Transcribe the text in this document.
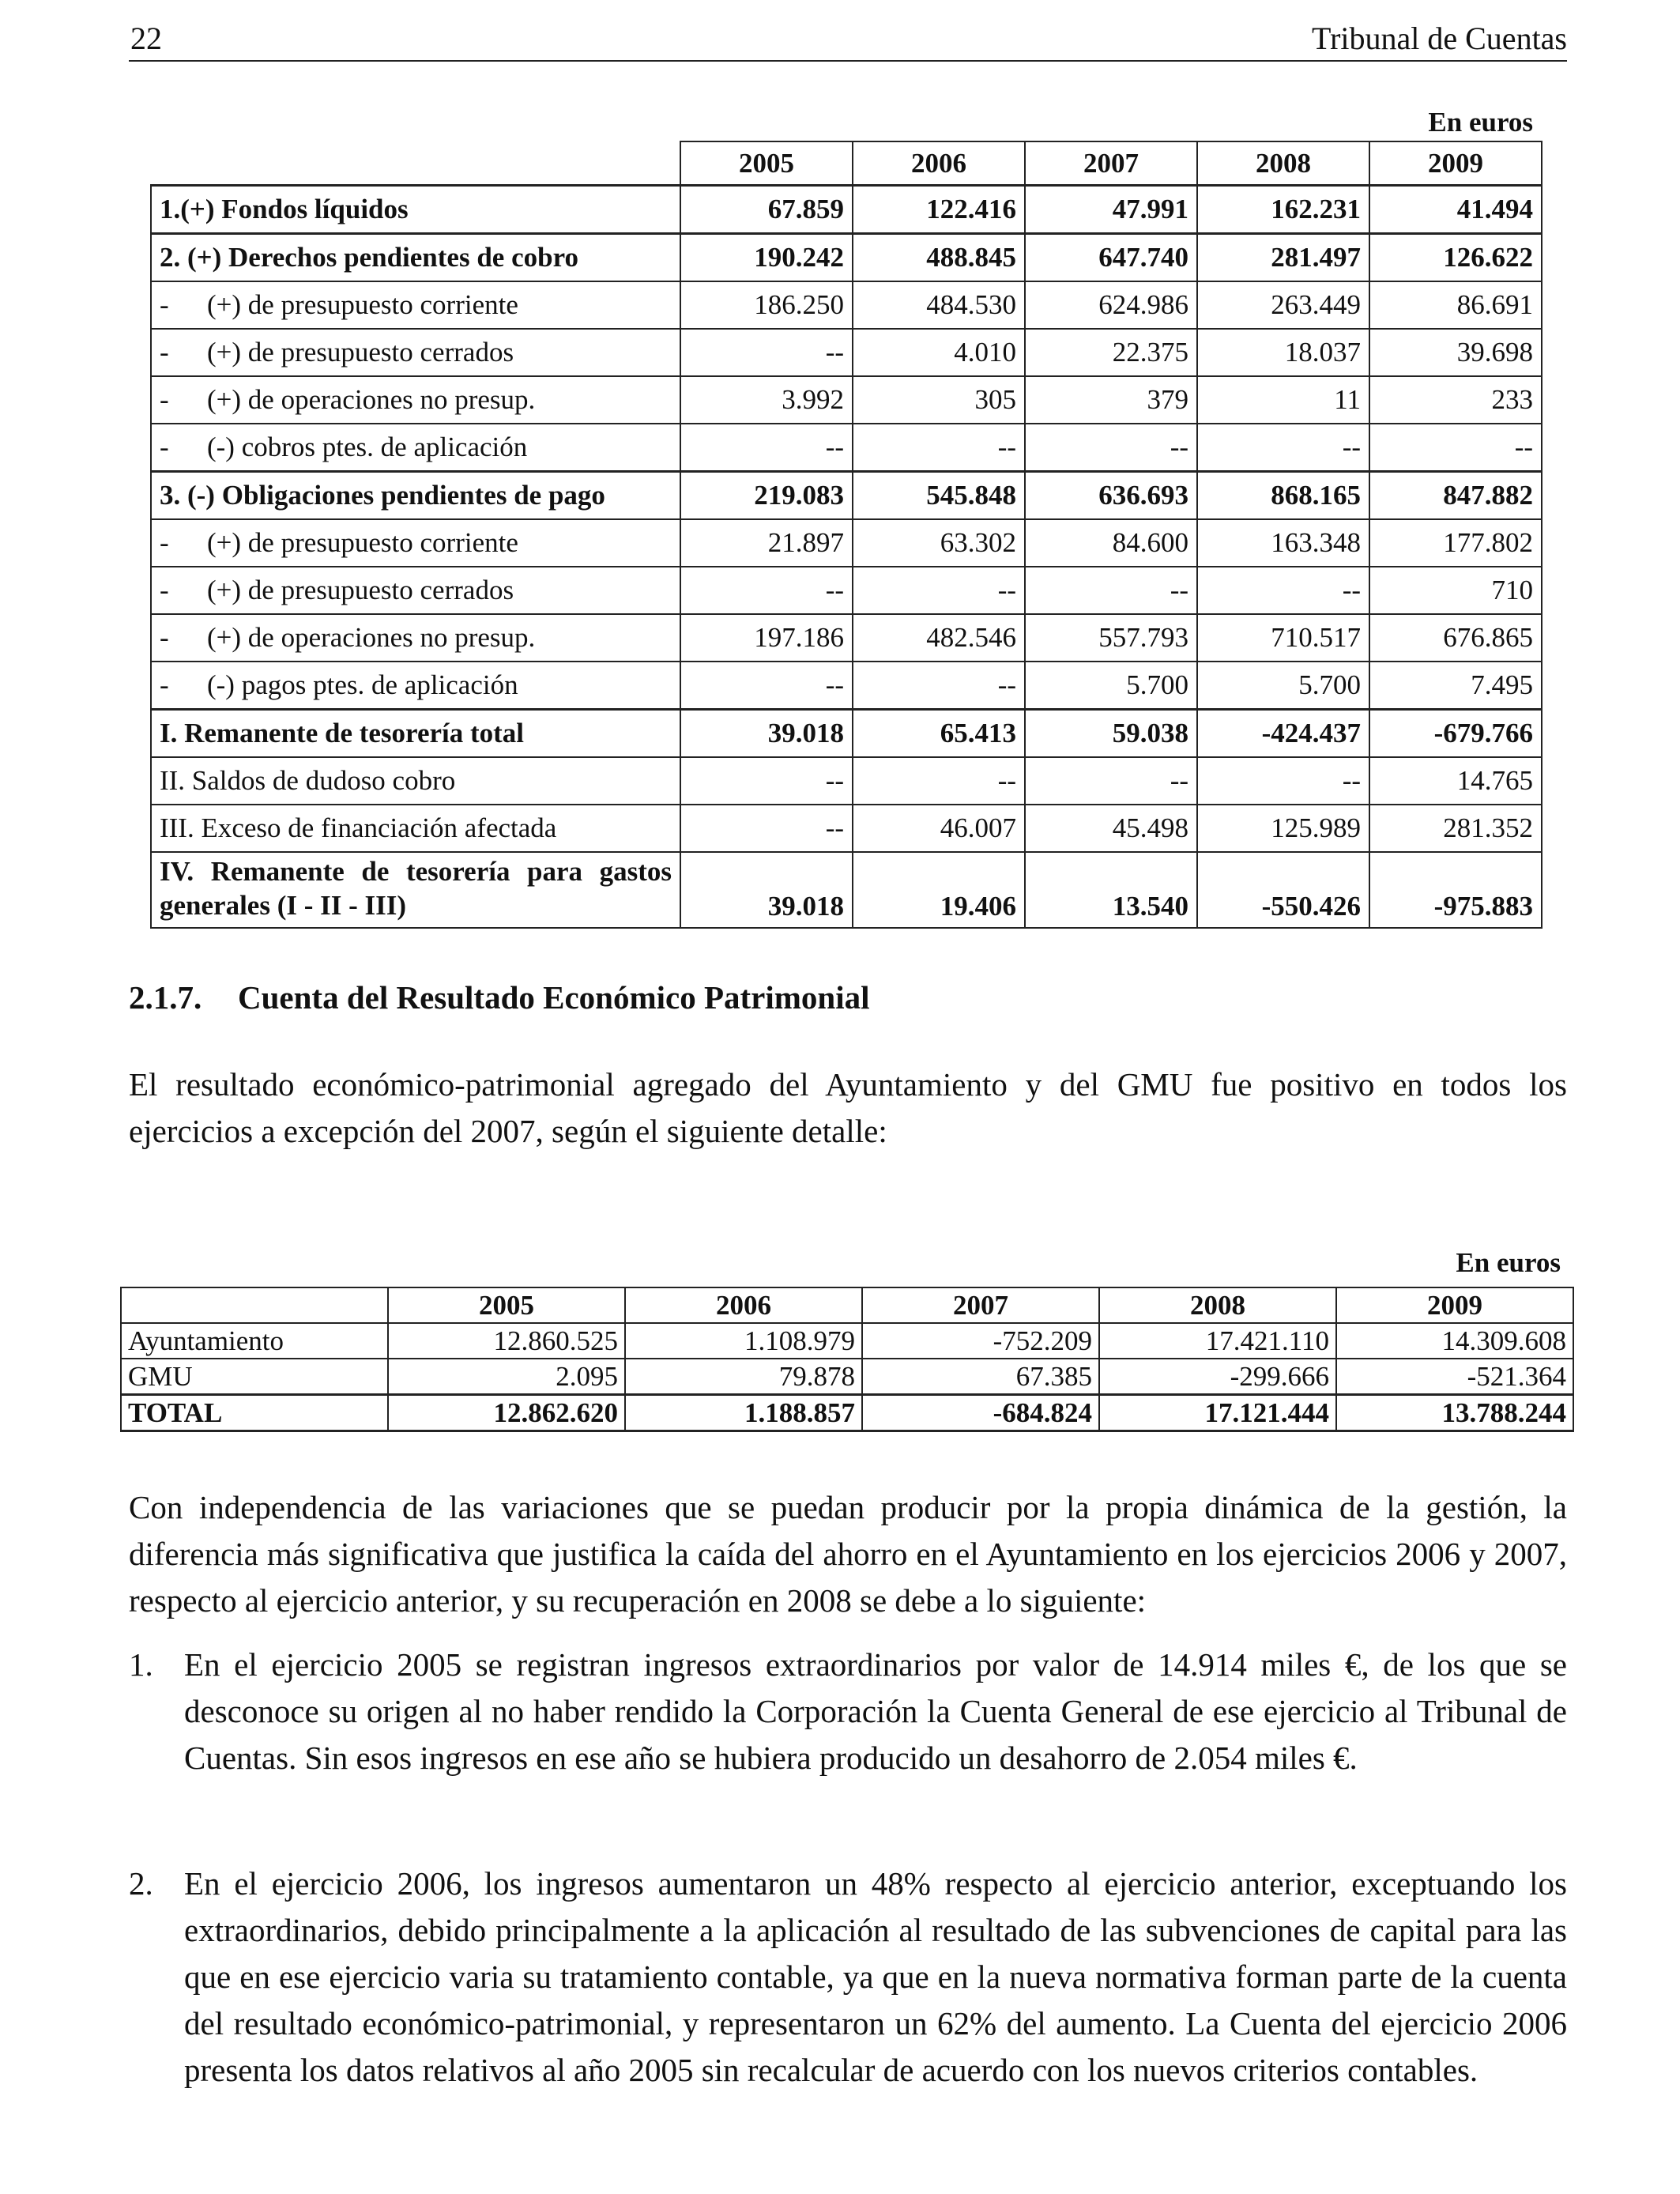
22	Tribunal de Cuentas
En euros
	2005	2006	2007	2008	2009
1.(+) Fondos líquidos	67.859	122.416	47.991	162.231	41.494
2. (+) Derechos pendientes de cobro	190.242	488.845	647.740	281.497	126.622
- (+) de presupuesto corriente	186.250	484.530	624.986	263.449	86.691
- (+) de presupuesto cerrados	--	4.010	22.375	18.037	39.698
- (+) de operaciones no presup.	3.992	305	379	11	233
- (-) cobros ptes. de aplicación	--	--	--	--	--
3. (-) Obligaciones pendientes de pago	219.083	545.848	636.693	868.165	847.882
- (+) de presupuesto corriente	21.897	63.302	84.600	163.348	177.802
- (+) de presupuesto cerrados	--	--	--	--	710
- (+) de operaciones no presup.	197.186	482.546	557.793	710.517	676.865
- (-) pagos ptes. de aplicación	--	--	5.700	5.700	7.495
I. Remanente de tesorería total	39.018	65.413	59.038	-424.437	-679.766
II. Saldos de dudoso cobro	--	--	--	--	14.765
III. Exceso de financiación afectada	--	46.007	45.498	125.989	281.352
IV. Remanente de tesorería para gastos generales (I - II - III)	39.018	19.406	13.540	-550.426	-975.883
2.1.7. Cuenta del Resultado Económico Patrimonial
El resultado económico-patrimonial agregado del Ayuntamiento y del GMU fue positivo en todos los ejercicios a excepción del 2007, según el siguiente detalle:
En euros
	2005	2006	2007	2008	2009
Ayuntamiento	12.860.525	1.108.979	-752.209	17.421.110	14.309.608
GMU	2.095	79.878	67.385	-299.666	-521.364
TOTAL	12.862.620	1.188.857	-684.824	17.121.444	13.788.244
Con independencia de las variaciones que se puedan producir por la propia dinámica de la gestión, la diferencia más significativa que justifica la caída del ahorro en el Ayuntamiento en los ejercicios 2006 y 2007, respecto al ejercicio anterior, y su recuperación en 2008 se debe a lo siguiente:
1. En el ejercicio 2005 se registran ingresos extraordinarios por valor de 14.914 miles €, de los que se desconoce su origen al no haber rendido la Corporación la Cuenta General de ese ejercicio al Tribunal de Cuentas. Sin esos ingresos en ese año se hubiera producido un desahorro de 2.054 miles €.
2. En el ejercicio 2006, los ingresos aumentaron un 48% respecto al ejercicio anterior, exceptuando los extraordinarios, debido principalmente a la aplicación al resultado de las subvenciones de capital para las que en ese ejercicio varia su tratamiento contable, ya que en la nueva normativa forman parte de la cuenta del resultado económico-patrimonial, y representaron un 62% del aumento. La Cuenta del ejercicio 2006 presenta los datos relativos al año 2005 sin recalcular de acuerdo con los nuevos criterios contables.
